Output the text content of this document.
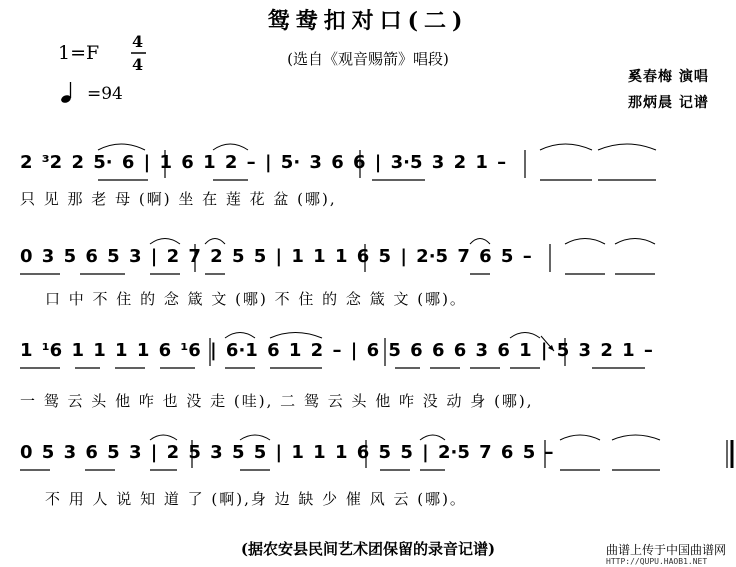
鸳鸯扣对口(二)
(选自《观音赐箭》唱段)
1=F
4
4
=94
奚春梅 演唱
那炳晨 记谱
2 ³2 2 5· 6 | 1 6 1 2 – | 5· 3 6 6 | 3·5 3 2 1 –
只 见 那 老 母 (啊) 坐 在 莲 花 盆 (哪),
0 3 5 6 5 3 | 2 7 2 5 5 | 1 1 1 6 5 | 2·5 7 6 5 –
口 中 不 住 的 念 箴 文 (哪) 不 住 的 念 箴 文 (哪)。
1 ¹6 1 1 1 1 6 ¹6 | 6·1 6 1 2 – | 6 5 6 6 6 3 6 1 | 5 3 2 1 –
一 鸳 云 头 他 咋 也 没 走 (哇), 二 鸳 云 头 他 咋 没 动 身 (哪),
0 5 3 6 5 3 | 2 5 3 5 5 | 1 1 1 6 5 5 | 2·5 7 6 5 –
不 用 人 说 知 道 了 (啊),身 边 缺 少 催 风 云 (哪)。
(据农安县民间艺术团保留的录音记谱)	曲谱上传于中国曲谱网
HTTP://QUPU.HAOB1.NET
